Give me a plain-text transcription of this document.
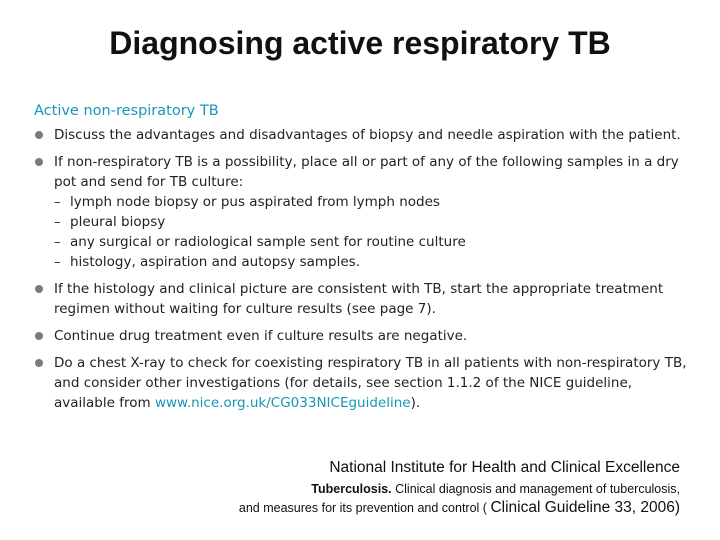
Diagnosing active respiratory TB
Active non-respiratory TB
Discuss the advantages and disadvantages of biopsy and needle aspiration with the patient.
If non-respiratory TB is a possibility, place all or part of any of the following samples in a dry pot and send for TB culture:
– lymph node biopsy or pus aspirated from lymph nodes
– pleural biopsy
– any surgical or radiological sample sent for routine culture
– histology, aspiration and autopsy samples.
If the histology and clinical picture are consistent with TB, start the appropriate treatment regimen without waiting for culture results (see page 7).
Continue drug treatment even if culture results are negative.
Do a chest X-ray to check for coexisting respiratory TB in all patients with non-respiratory TB, and consider other investigations (for details, see section 1.1.2 of the NICE guideline, available from www.nice.org.uk/CG033NICEguideline).
National Institute for Health and Clinical Excellence
Tuberculosis. Clinical diagnosis and management of tuberculosis,
and measures for its prevention and control ( Clinical Guideline 33, 2006)
